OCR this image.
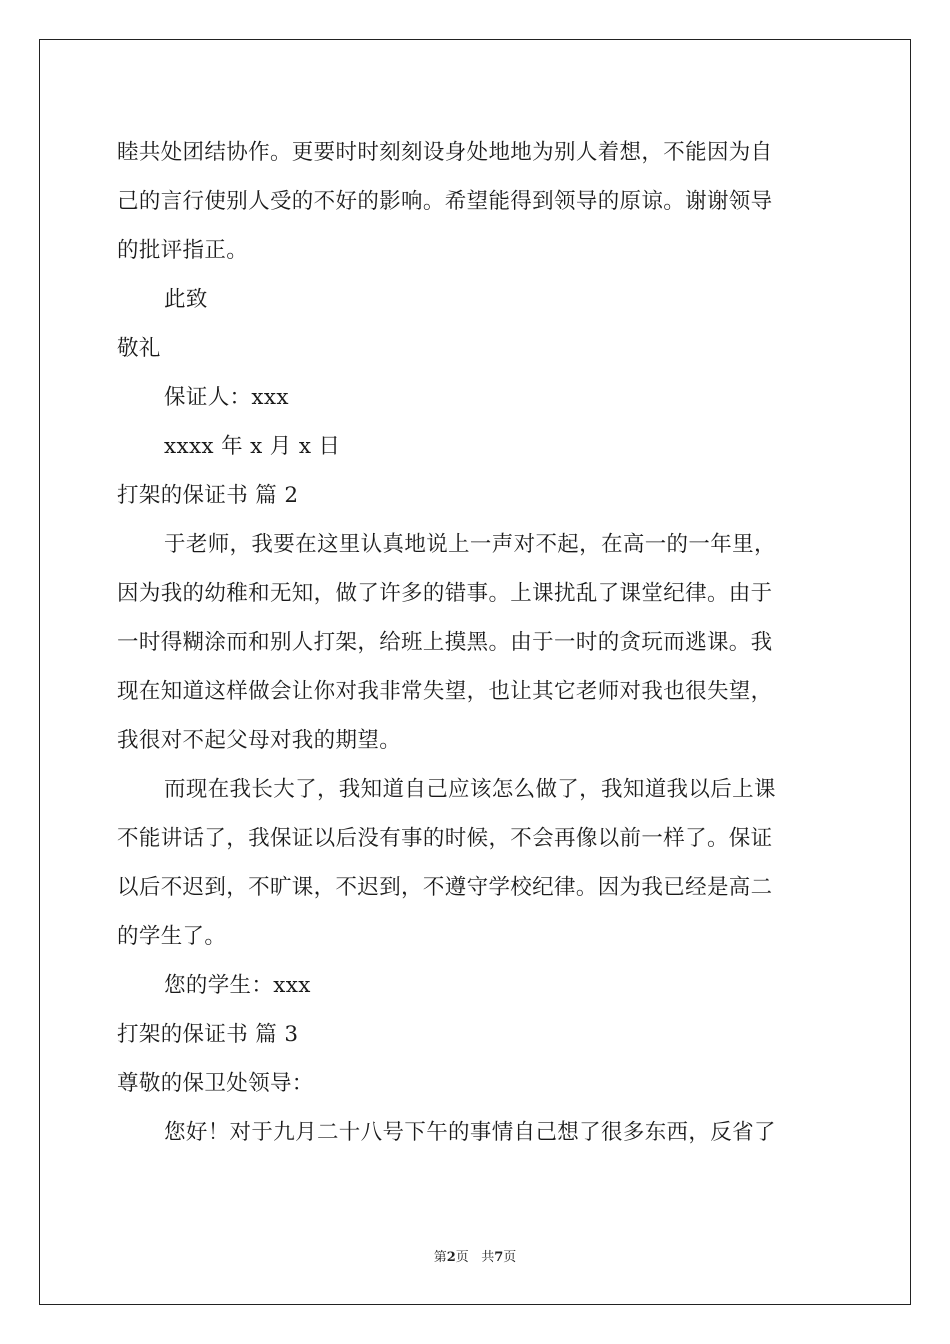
睦共处团结协作。更要时时刻刻设身处地地为别人着想，不能因为自
己的言行使别人受的不好的影响。希望能得到领导的原谅。谢谢领导
的批评指正。
此致
敬礼
保证人：xxx
xxxx 年 x 月 x 日
打架的保证书 篇 2
于老师，我要在这里认真地说上一声对不起，在高一的一年里，
因为我的幼稚和无知，做了许多的错事。上课扰乱了课堂纪律。由于
一时得糊涂而和别人打架，给班上摸黑。由于一时的贪玩而逃课。我
现在知道这样做会让你对我非常失望，也让其它老师对我也很失望，
我很对不起父母对我的期望。
而现在我长大了，我知道自己应该怎么做了，我知道我以后上课
不能讲话了，我保证以后没有事的时候，不会再像以前一样了。保证
以后不迟到，不旷课，不迟到，不遵守学校纪律。因为我已经是高二
的学生了。
您的学生：xxx
打架的保证书 篇 3
尊敬的保卫处领导：
您好！对于九月二十八号下午的事情自己想了很多东西，反省了
第2页   共7页
